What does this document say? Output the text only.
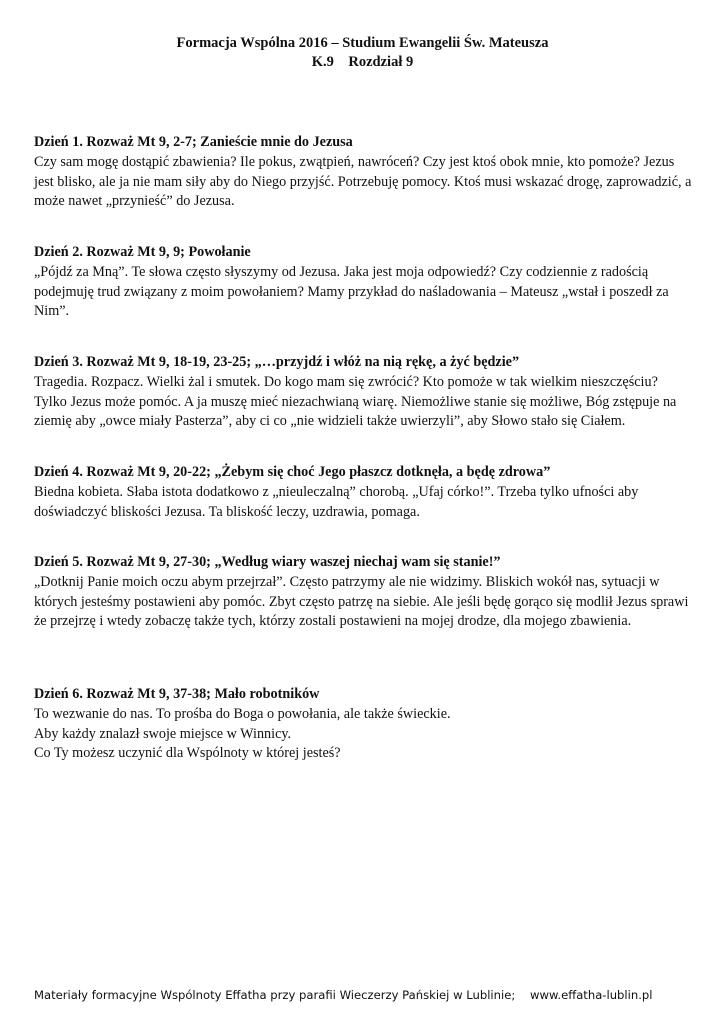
Formacja Wspólna 2016 – Studium Ewangelii Św. Mateusza
K.9    Rozdział 9

Dzień 1. Rozważ Mt 9, 2-7; Zanieście mnie do Jezusa

Czy sam mogę dostąpić zbawienia? Ile pokus, zwątpień, nawróceń? Czy jest ktoś obok mnie, kto pomoże? Jezus jest blisko, ale ja nie mam siły aby do Niego przyjść. Potrzebuję pomocy. Ktoś musi wskazać drogę, zaprowadzić, a może nawet „przynieść” do Jezusa.

Dzień 2. Rozważ Mt 9, 9; Powołanie

„Pójdź za Mną”. Te słowa często słyszymy od Jezusa. Jaka jest moja odpowiedź? Czy codziennie z radością podejmuję trud związany z moim powołaniem? Mamy przykład do naśladowania – Mateusz „wstał i poszedł za Nim”.

Dzień 3. Rozważ Mt 9, 18-19, 23-25; „…przyjdź i włóż na nią rękę, a żyć będzie”

Tragedia. Rozpacz. Wielki żal i smutek. Do kogo mam się zwrócić? Kto pomoże w tak wielkim nieszczęściu? Tylko Jezus może pomóc. A ja muszę mieć niezachwianą wiarę. Niemożliwe stanie się możliwe, Bóg zstępuje na ziemię aby „owce miały Pasterza”, aby ci co „nie widzieli także uwierzyli”, aby Słowo stało się Ciałem.

Dzień 4. Rozważ Mt 9, 20-22; „Żebym się choć Jego płaszcz dotknęła, a będę zdrowa”

Biedna kobieta. Słaba istota dodatkowo z „nieuleczalną” chorobą. „Ufaj córko!”. Trzeba tylko ufności aby doświadczyć bliskości Jezusa. Ta bliskość leczy, uzdrawia, pomaga.

Dzień 5. Rozważ Mt 9, 27-30; „Według wiary waszej niechaj wam się stanie!”

„Dotknij Panie moich oczu abym przejrzał”. Często patrzymy ale nie widzimy. Bliskich wokół nas, sytuacji w których jesteśmy postawieni aby pomóc. Zbyt często patrzę na siebie. Ale jeśli będę gorąco się modlił Jezus sprawi że przejrzę i wtedy zobaczę także tych, którzy zostali postawieni na mojej drodze, dla mojego zbawienia.

Dzień 6. Rozważ Mt 9, 37-38; Mało robotników

To wezwanie do nas. To prośba do Boga o powołania, ale także świeckie.

Aby każdy znalazł swoje miejsce w Winnicy.

Co Ty możesz uczynić dla Wspólnoty w której jesteś?

Materiały formacyjne Wspólnoty Effatha przy parafii Wieczerzy Pańskiej w Lublinie;    www.effatha-lublin.pl
